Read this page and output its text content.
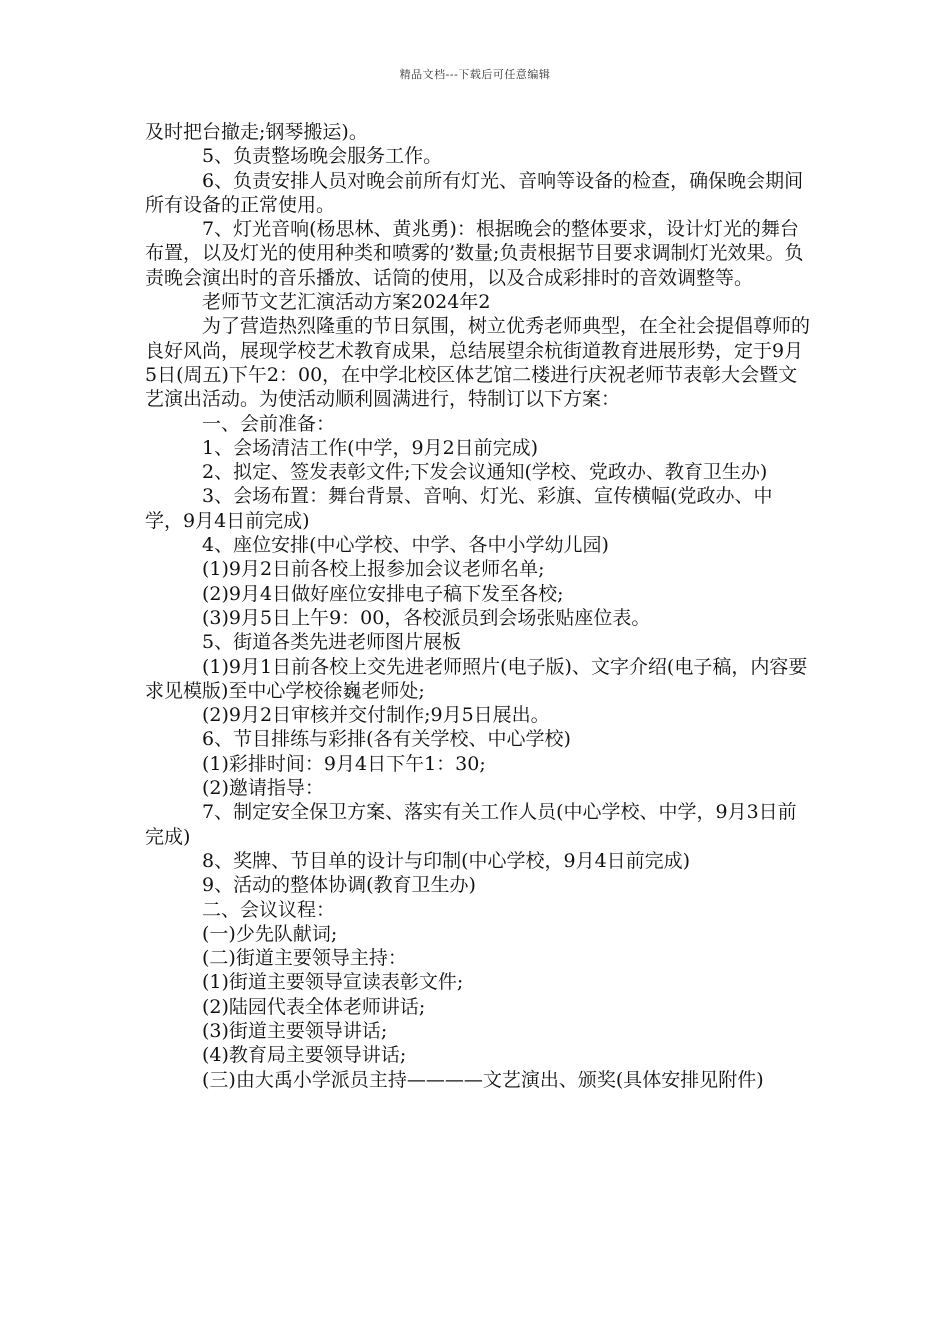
精品文档---下载后可任意编辑

及时把台撤走;钢琴搬运)。

5、负责整场晚会服务工作。

6、负责安排人员对晚会前所有灯光、音响等设备的检查，确保晚会期间所有设备的正常使用。

7、灯光音响(杨思林、黄兆勇)：根据晚会的整体要求，设计灯光的舞台布置，以及灯光的使用种类和喷雾的’数量;负责根据节目要求调制灯光效果。负责晚会演出时的音乐播放、话筒的使用，以及合成彩排时的音效调整等。

老师节文艺汇演活动方案2024年2

为了营造热烈隆重的节日氛围，树立优秀老师典型，在全社会提倡尊师的良好风尚，展现学校艺术教育成果，总结展望余杭街道教育进展形势，定于9月5日(周五)下午2：00，在中学北校区体艺馆二楼进行庆祝老师节表彰大会暨文艺演出活动。为使活动顺利圆满进行，特制订以下方案：

一、会前准备：

1、会场清洁工作(中学，9月2日前完成)

2、拟定、签发表彰文件;下发会议通知(学校、党政办、教育卫生办)

3、会场布置：舞台背景、音响、灯光、彩旗、宣传横幅(党政办、中学，9月4日前完成)

4、座位安排(中心学校、中学、各中小学幼儿园)

(1)9月2日前各校上报参加会议老师名单;

(2)9月4日做好座位安排电子稿下发至各校;

(3)9月5日上午9：00，各校派员到会场张贴座位表。

5、街道各类先进老师图片展板

(1)9月1日前各校上交先进老师照片(电子版)、文字介绍(电子稿，内容要求见模版)至中心学校徐巍老师处;

(2)9月2日审核并交付制作;9月5日展出。

6、节目排练与彩排(各有关学校、中心学校)

(1)彩排时间：9月4日下午1：30;

(2)邀请指导：

7、制定安全保卫方案、落实有关工作人员(中心学校、中学，9月3日前完成)

8、奖牌、节目单的设计与印制(中心学校，9月4日前完成)

9、活动的整体协调(教育卫生办)

二、会议议程：

(一)少先队献词;

(二)街道主要领导主持：

(1)街道主要领导宣读表彰文件;

(2)陆园代表全体老师讲话;

(3)街道主要领导讲话;

(4)教育局主要领导讲话;

(三)由大禹小学派员主持————文艺演出、颁奖(具体安排见附件)
